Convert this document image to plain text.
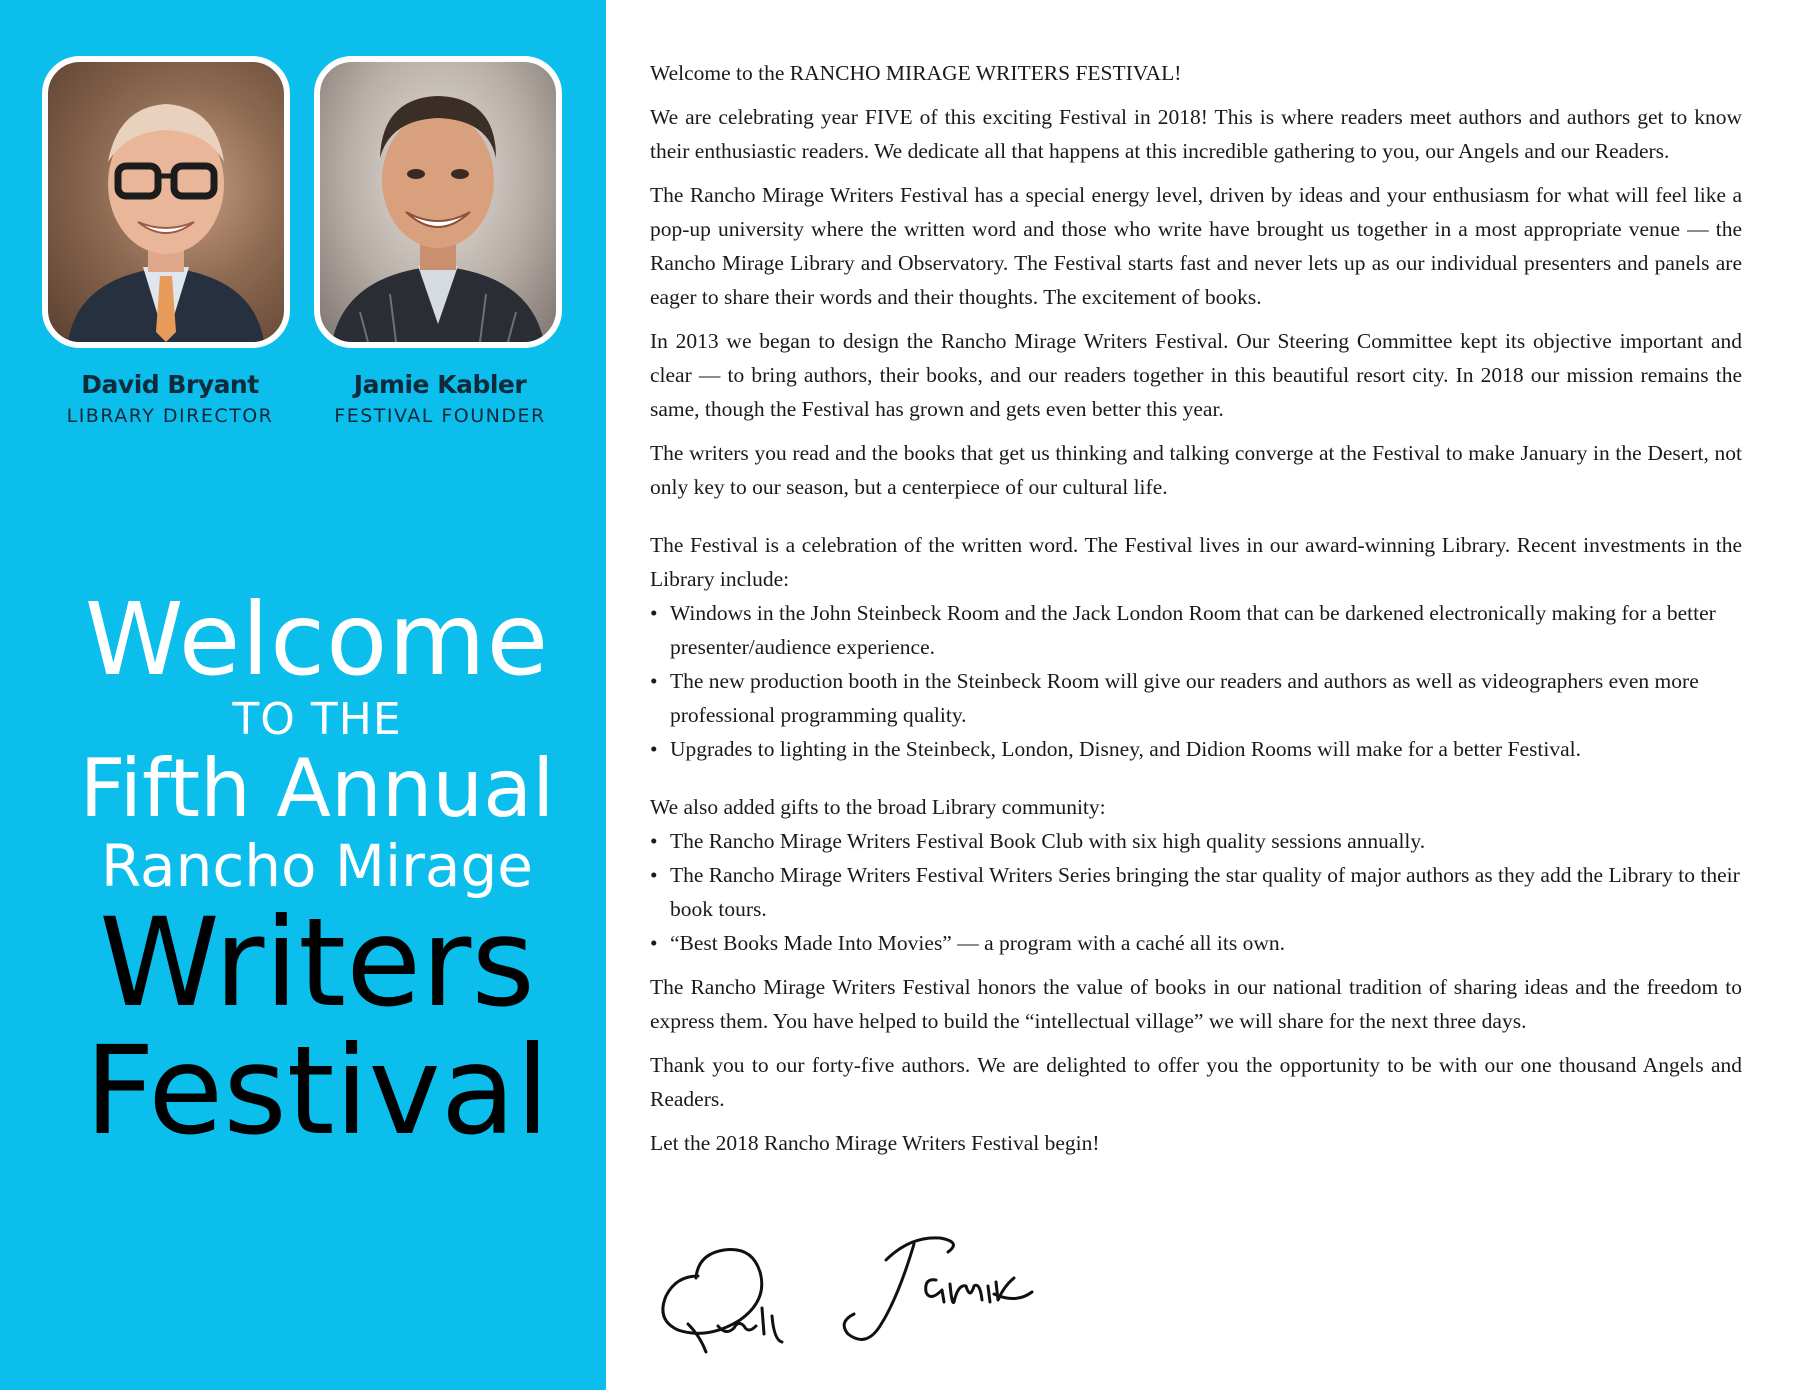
David Bryant
LIBRARY DIRECTOR
Jamie Kabler
FESTIVAL FOUNDER
Welcome
TO THE
Fifth Annual
Rancho Mirage
Writers
Festival

Welcome to the RANCHO MIRAGE WRITERS FESTIVAL!

We are celebrating year FIVE of this exciting Festival in 2018! This is where readers meet authors and authors get to know their enthusiastic readers. We dedicate all that happens at this incredible gathering to you, our Angels and our Readers.

The Rancho Mirage Writers Festival has a special energy level, driven by ideas and your enthusiasm for what will feel like a pop-up university where the written word and those who write have brought us together in a most appropriate venue — the Rancho Mirage Library and Observatory. The Festival starts fast and never lets up as our individual presenters and panels are eager to share their words and their thoughts. The excitement of books.

In 2013 we began to design the Rancho Mirage Writers Festival. Our Steering Committee kept its objective important and clear — to bring authors, their books, and our readers together in this beautiful resort city. In 2018 our mission remains the same, though the Festival has grown and gets even better this year.

The writers you read and the books that get us thinking and talking converge at the Festival to make January in the Desert, not only key to our season, but a centerpiece of our cultural life.

The Festival is a celebration of the written word. The Festival lives in our award-winning Library. Recent investments in the Library include:

• Windows in the John Steinbeck Room and the Jack London Room that can be darkened electronically making for a better presenter/audience experience.
• The new production booth in the Steinbeck Room will give our readers and authors as well as videographers even more professional programming quality.
• Upgrades to lighting in the Steinbeck, London, Disney, and Didion Rooms will make for a better Festival.

We also added gifts to the broad Library community:

• The Rancho Mirage Writers Festival Book Club with six high quality sessions annually.
• The Rancho Mirage Writers Festival Writers Series bringing the star quality of major authors as they add the Library to their book tours.
• “Best Books Made Into Movies” — a program with a caché all its own.

The Rancho Mirage Writers Festival honors the value of books in our national tradition of sharing ideas and the freedom to express them. You have helped to build the “intellectual village” we will share for the next three days.

Thank you to our forty-five authors. We are delighted to offer you the opportunity to be with our one thousand Angels and Readers.

Let the 2018 Rancho Mirage Writers Festival begin!
